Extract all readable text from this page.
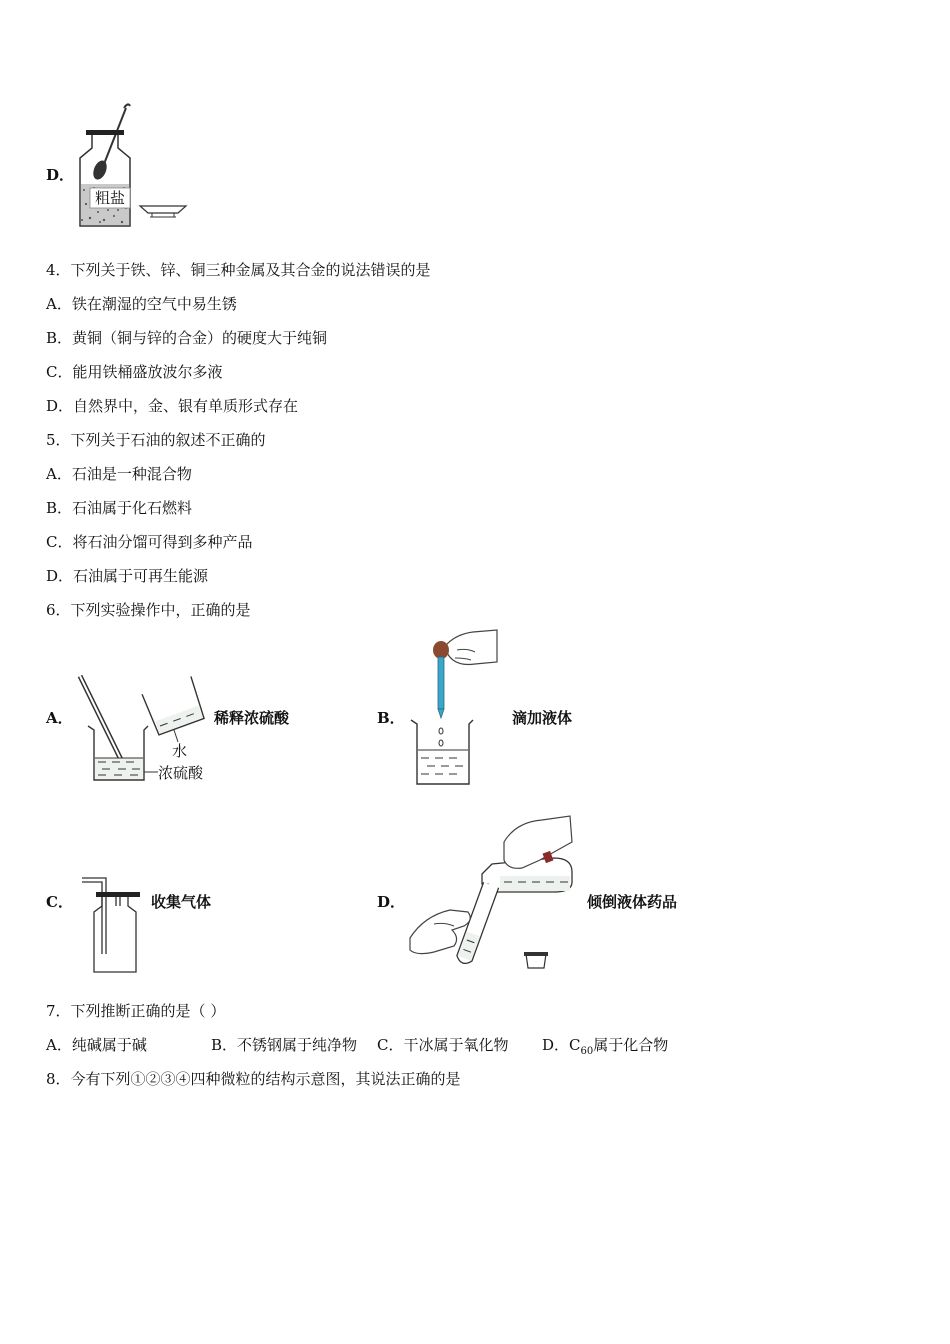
D．
粗盐
4．下列关于铁、锌、铜三种金属及其合金的说法错误的是
A．铁在潮湿的空气中易生锈
B．黄铜（铜与锌的合金）的硬度大于纯铜
C．能用铁桶盛放波尔多液
D．自然界中，金、银有单质形式存在
5．下列关于石油的叙述不正确的
A．石油是一种混合物
B．石油属于化石燃料
C．将石油分馏可得到多种产品
D．石油属于可再生能源
6．下列实验操作中，正确的是
A．
水
浓硫酸
稀释浓硫酸	B．	滴加液体
C．	收集气体	D．	倾倒液体药品
7．下列推断正确的是（ ）
A．纯碱属于碱	B．不锈钢属于纯净物 C．干冰属于氧化物 D．$C_{60}$属于化合物
8．今有下列①②③④四种微粒的结构示意图，其说法正确的是
